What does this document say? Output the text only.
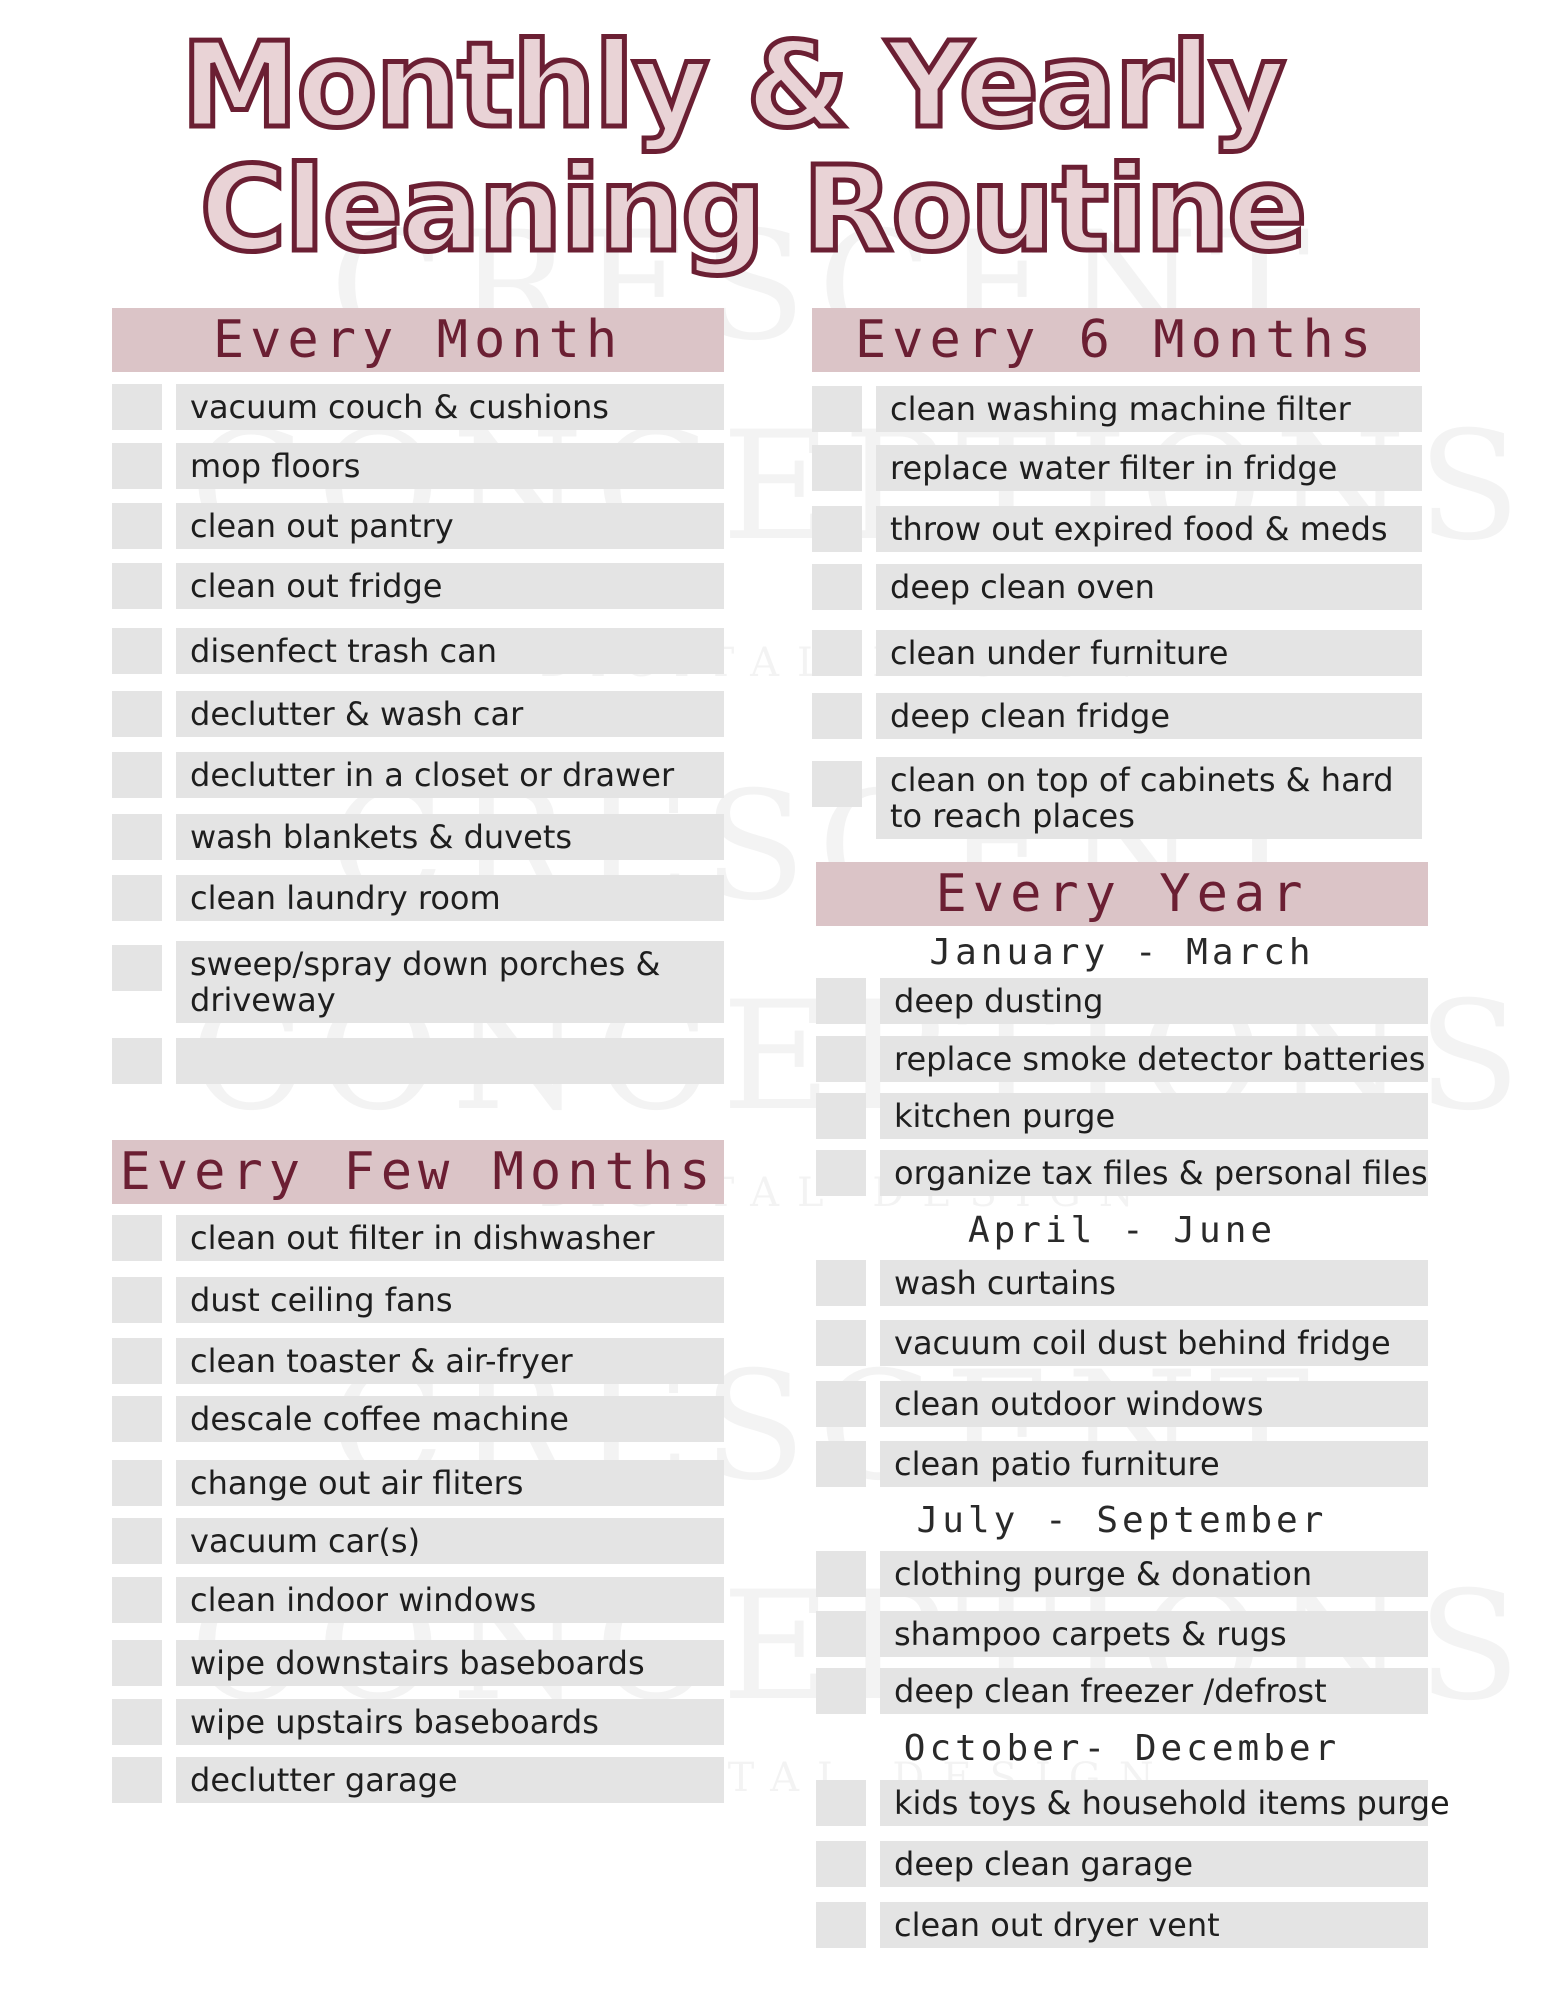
Monthly & Yearly
Cleaning Routine
Every Month
vacuum couch & cushions
mop floors
clean out pantry
clean out fridge
disenfect trash can
declutter & wash car
declutter in a closet or drawer
wash blankets & duvets
clean laundry room
sweep/spray down porches & driveway
Every Few Months
clean out filter in dishwasher
dust ceiling fans
clean toaster & air-fryer
descale coffee machine
change out air fliters
vacuum car(s)
clean indoor windows
wipe downstairs baseboards
wipe upstairs baseboards
declutter garage
Every 6 Months
clean washing machine filter
replace water filter in fridge
throw out expired food & meds
deep clean oven
clean under furniture
deep clean fridge
clean on top of cabinets & hard to reach places
Every Year
January - March
deep dusting
replace smoke detector batteries
kitchen purge
organize tax files & personal files
April - June
wash curtains
vacuum coil dust behind fridge
clean outdoor windows
clean patio furniture
July - September
clothing purge & donation
shampoo carpets & rugs
deep clean freezer /defrost
October- December
kids toys & household items purge
deep clean garage
clean out dryer vent
